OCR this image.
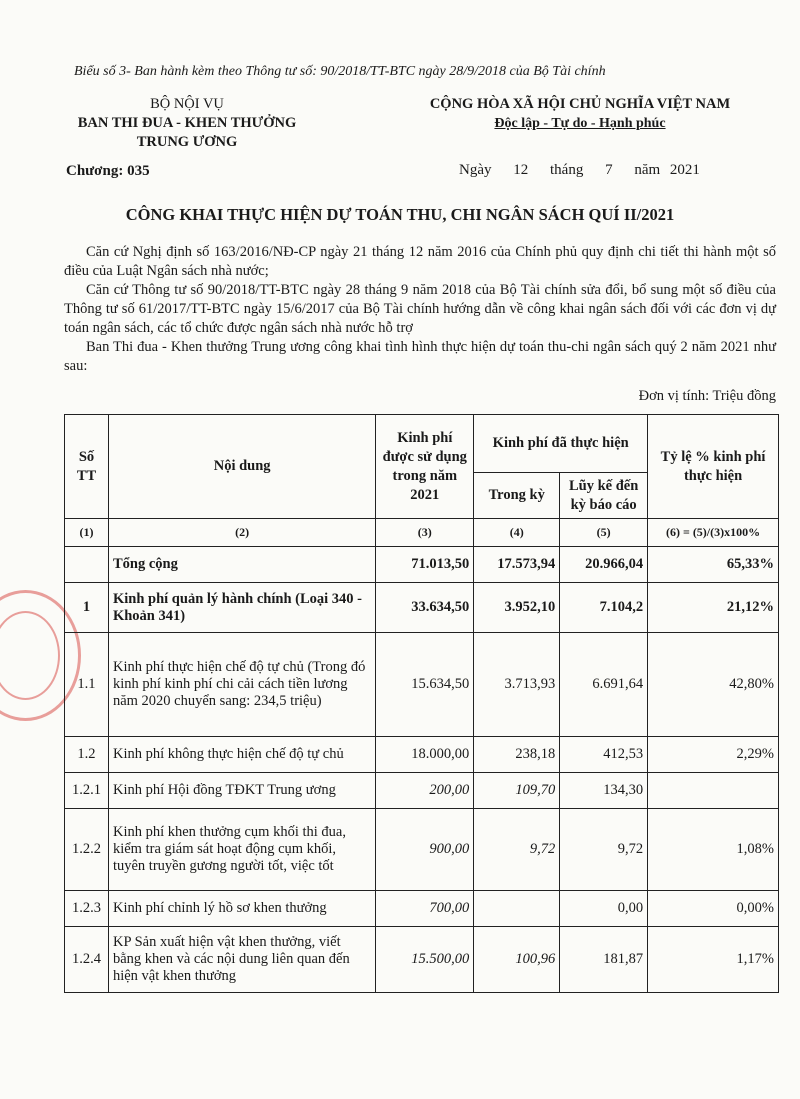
Biểu số 3- Ban hành kèm theo Thông tư số: 90/2018/TT-BTC ngày 28/9/2018 của Bộ Tài chính
BỘ NỘI VỤ
BAN THI ĐUA - KHEN THƯỞNG
TRUNG ƯƠNG
CỘNG HÒA XÃ HỘI CHỦ NGHĨA VIỆT NAM
Độc lập - Tự do - Hạnh phúc
Chương: 035	Ngày 12 tháng 7 năm 2021
CÔNG KHAI THỰC HIỆN DỰ TOÁN THU, CHI NGÂN SÁCH QUÍ II/2021

Căn cứ Nghị định số 163/2016/NĐ-CP ngày 21 tháng 12 năm 2016 của Chính phủ quy định chi tiết thi hành một số điều của Luật Ngân sách nhà nước;

Căn cứ Thông tư số 90/2018/TT-BTC ngày 28 tháng 9 năm 2018 của Bộ Tài chính sửa đổi, bổ sung một số điều của Thông tư số 61/2017/TT-BTC ngày 15/6/2017 của Bộ Tài chính hướng dẫn về công khai ngân sách đối với các đơn vị dự toán ngân sách, các tổ chức được ngân sách nhà nước hỗ trợ

Ban Thi đua - Khen thưởng Trung ương công khai tình hình thực hiện dự toán thu-chi ngân sách quý 2 năm 2021 như sau:

Đơn vị tính: Triệu đồng
Số TT	Nội dung	Kinh phí được sử dụng trong năm 2021	Kinh phí đã thực hiện		Tỷ lệ % kinh phí thực hiện
			Trong kỳ	Lũy kế đến kỳ báo cáo	
(1)	(2)	(3)	(4)	(5)	(6) = (5)/(3)x100%
	Tổng cộng	71.013,50	17.573,94	20.966,04	65,33%
1	Kinh phí quản lý hành chính (Loại 340 - Khoản 341)	33.634,50	3.952,10	7.104,2	21,12%
1.1	Kinh phí thực hiện chế độ tự chủ (Trong đó kinh phí kinh phí chi cải cách tiền lương năm 2020 chuyển sang: 234,5 triệu)	15.634,50	3.713,93	6.691,64	42,80%
1.2	Kinh phí không thực hiện chế độ tự chủ	18.000,00	238,18	412,53	2,29%
1.2.1	Kinh phí Hội đồng TĐKT Trung ương	200,00	109,70	134,30	
1.2.2	Kinh phí khen thưởng cụm khối thi đua, kiểm tra giám sát hoạt động cụm khối, tuyên truyền gương người tốt, việc tốt	900,00	9,72	9,72	1,08%
1.2.3	Kinh phí chỉnh lý hồ sơ khen thưởng	700,00		0,00	0,00%
1.2.4	KP Sản xuất hiện vật khen thưởng, viết bằng khen và các nội dung liên quan đến hiện vật khen thưởng	15.500,00	100,96	181,87	1,17%
